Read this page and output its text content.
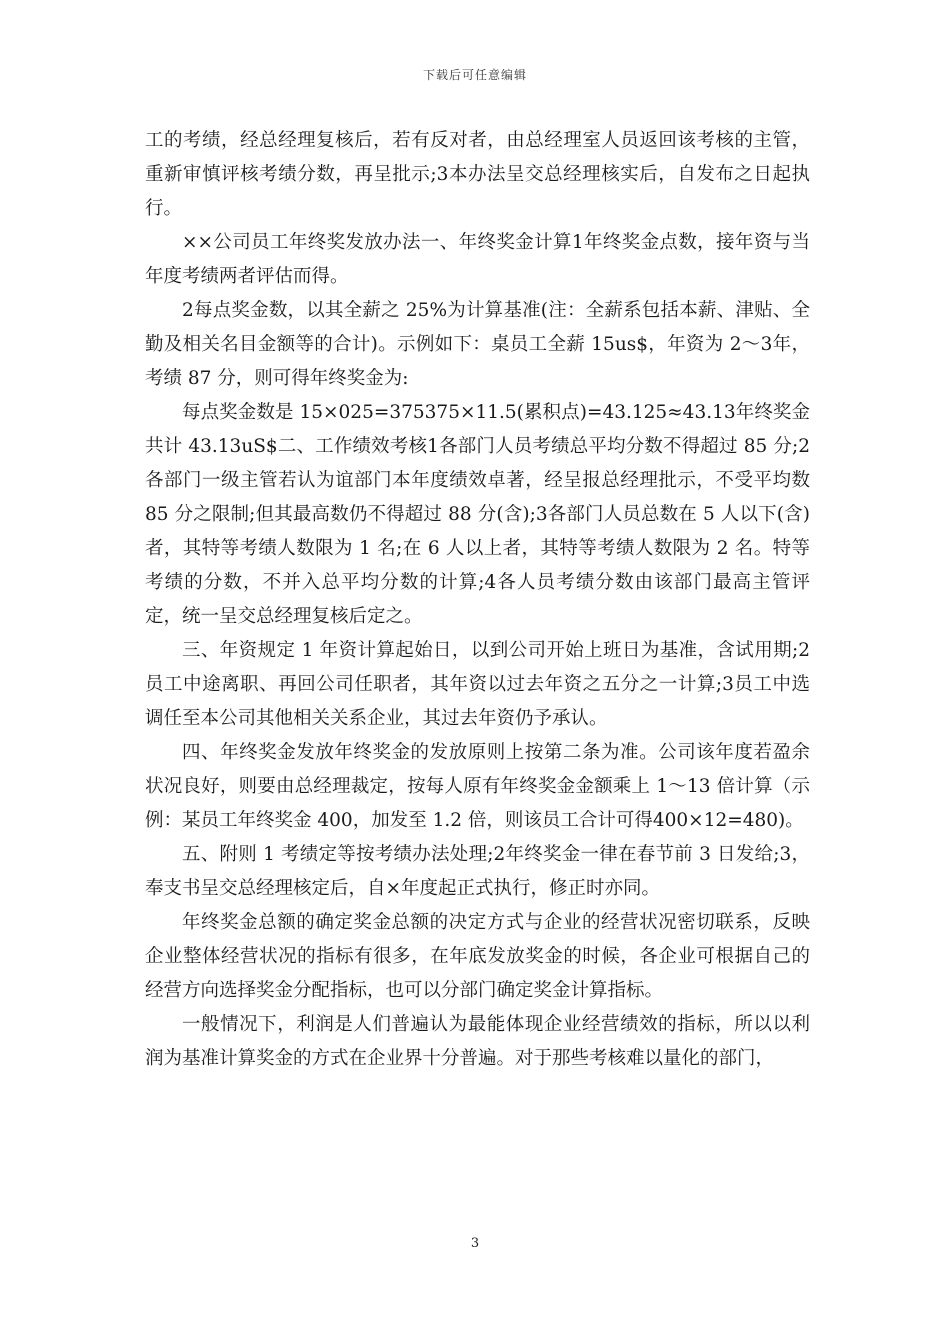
下载后可任意编辑

工的考绩，经总经理复核后，若有反对者，由总经理室人员返回该考核的主管，重新审慎评核考绩分数，再呈批示;3本办法呈交总经理核实后，自发布之日起执行。

××公司员工年终奖发放办法一、年终奖金计算1年终奖金点数，接年资与当年度考绩两者评估而得。

2每点奖金数，以其全薪之 25%为计算基准(注：全薪系包括本薪、津贴、全勤及相关名目金额等的合计)。示例如下：桌员工全薪 15us$，年资为 2～3年，考绩 87 分，则可得年终奖金为:

每点奖金数是 15×025=375375×11.5(累积点)=43.125≈43.13年终奖金共计 43.13uS$二、工作绩效考核1各部门人员考绩总平均分数不得超过 85 分;2各部门一级主管若认为谊部门本年度绩效卓著，经呈报总经理批示，不受平均数 85 分之限制;但其最高数仍不得超过 88 分(含);3各部门人员总数在 5 人以下(含)者，其特等考绩人数限为 1 名;在 6 人以上者，其特等考绩人数限为 2 名。特等考绩的分数，不并入总平均分数的计算;4各人员考绩分数由该部门最高主管评定，统一呈交总经理复核后定之。

三、年资规定 1 年资计算起始日，以到公司开始上班日为基准，含试用期;2员工中途离职、再回公司任职者，其年资以过去年资之五分之一计算;3员工中选调任至本公司其他相关关系企业，其过去年资仍予承认。

四、年终奖金发放年终奖金的发放原则上按第二条为准。公司该年度若盈余状况良好，则要由总经理裁定，按每人原有年终奖金金额乘上 1～13 倍计算（示例：某员工年终奖金 400，加发至 1.2 倍，则该员工合计可得400×12=480)。

五、附则 1 考绩定等按考绩办法处理;2年终奖金一律在春节前 3 日发给;3，奉支书呈交总经理核定后，自×年度起正式执行，修正时亦同。

年终奖金总额的确定奖金总额的决定方式与企业的经营状况密切联系，反映企业整体经营状况的指标有很多，在年底发放奖金的时候，各企业可根据自己的经营方向选择奖金分配指标，也可以分部门确定奖金计算指标。

一般情况下，利润是人们普遍认为最能体现企业经营绩效的指标，所以以利润为基准计算奖金的方式在企业界十分普遍。对于那些考核难以量化的部门，

3
